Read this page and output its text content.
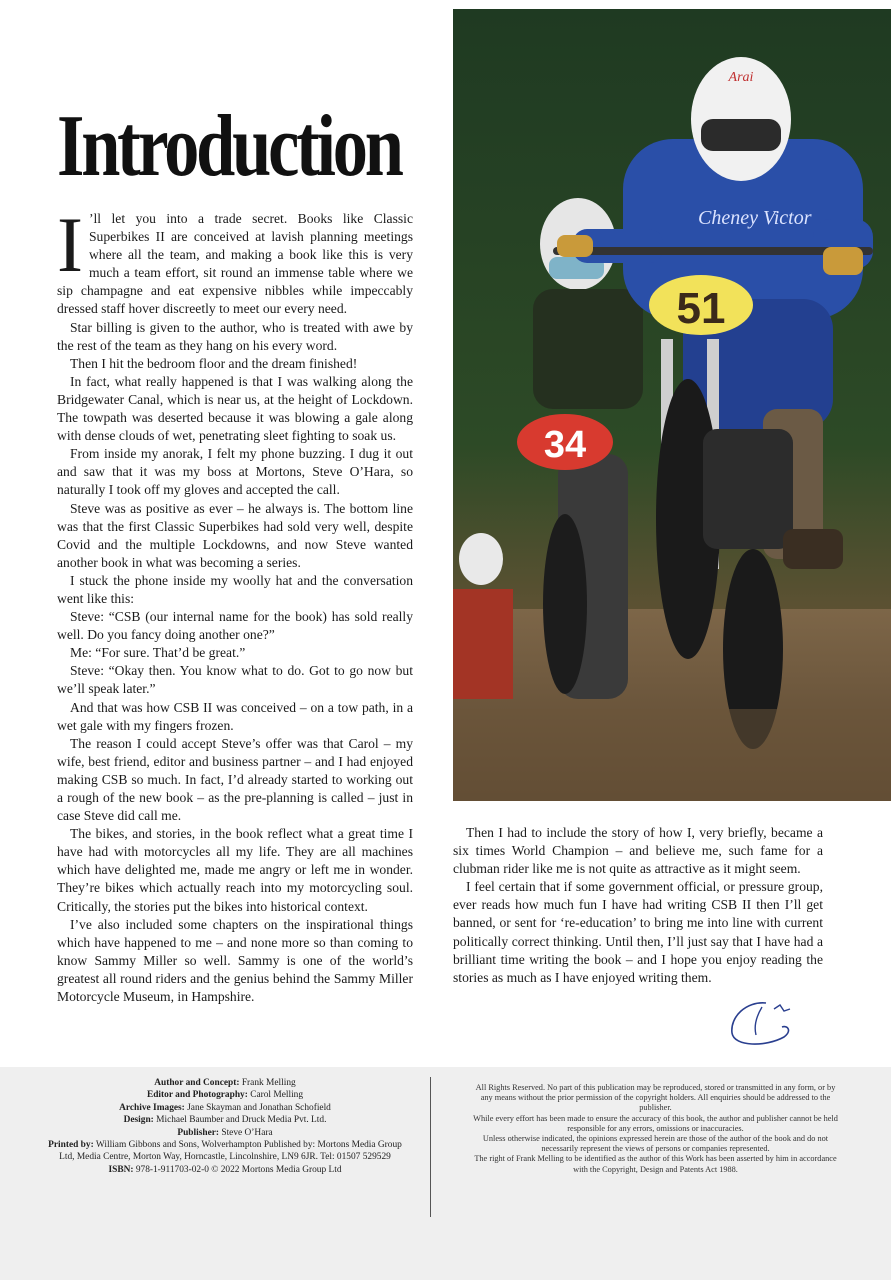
34
Cheney Victor
Arai
51
Introduction

I ’ll let you into a trade secret. Books like Classic Superbikes II are conceived at lavish planning meetings where all the team, and making a book like this is very much a team effort, sit round an immense table where we sip champagne and eat expensive nibbles while impeccably dressed staff hover discreetly to meet our every need.

Star billing is given to the author, who is treated with awe by the rest of the team as they hang on his every word.

Then I hit the bedroom floor and the dream finished!

In fact, what really happened is that I was walking along the Bridgewater Canal, which is near us, at the height of Lockdown. The towpath was deserted because it was blowing a gale along with dense clouds of wet, penetrating sleet fighting to soak us.

From inside my anorak, I felt my phone buzzing. I dug it out and saw that it was my boss at Mortons, Steve O’Hara, so naturally I took off my gloves and accepted the call.

Steve was as positive as ever – he always is. The bottom line was that the first Classic Superbikes had sold very well, despite Covid and the multiple Lockdowns, and now Steve wanted another book in what was becoming a series.

I stuck the phone inside my woolly hat and the conversation went like this:

Steve: “CSB (our internal name for the book) has sold really well. Do you fancy doing another one?”

Me: “For sure. That’d be great.”

Steve: “Okay then. You know what to do. Got to go now but we’ll speak later.”

And that was how CSB II was conceived – on a tow path, in a wet gale with my fingers frozen.

The reason I could accept Steve’s offer was that Carol – my wife, best friend, editor and business partner – and I had enjoyed making CSB so much. In fact, I’d already started to working out a rough of the new book – as the pre-planning is called – just in case Steve did call me.

The bikes, and stories, in the book reflect what a great time I have had with motorcycles all my life. They are all machines which have delighted me, made me angry or left me in wonder. They’re bikes which actually reach into my motorcycling soul. Critically, the stories put the bikes into historical context.

I’ve also included some chapters on the inspirational things which have happened to me – and none more so than coming to know Sammy Miller so well. Sammy is one of the world’s greatest all round riders and the genius behind the Sammy Miller Motorcycle Museum, in Hampshire.

Then I had to include the story of how I, very briefly, became a six times World Champion – and believe me, such fame for a clubman rider like me is not quite as attractive as it might seem.

I feel certain that if some government official, or pressure group, ever reads how much fun I have had writing CSB II then I’ll get banned, or sent for ‘re-education’ to bring me into line with current politically correct thinking. Until then, I’ll just say that I have had a brilliant time writing the book – and I hope you enjoy reading the stories as much as I have enjoyed writing them.

Author and Concept: Frank Melling
Editor and Photography: Carol Melling
Archive Images: Jane Skayman and Jonathan Schofield
Design: Michael Baumber and Druck Media Pvt. Ltd.
Publisher: Steve O’Hara
Printed by: William Gibbons and Sons, Wolverhampton Published by: Mortons Media Group Ltd, Media Centre, Morton Way, Horncastle, Lincolnshire, LN9 6JR. Tel: 01507 529529
ISBN: 978-1-911703-02-0 © 2022 Mortons Media Group Ltd
All Rights Reserved. No part of this publication may be reproduced, stored or transmitted in any form, or by any means without the prior permission of the copyright holders. All enquiries should be addressed to the publisher.
While every effort has been made to ensure the accuracy of this book, the author and publisher cannot be held responsible for any errors, omissions or inaccuracies.
Unless otherwise indicated, the opinions expressed herein are those of the author of the book and do not necessarily represent the views of persons or companies represented.
The right of Frank Melling to be identified as the author of this Work has been asserted by him in accordance with the Copyright, Design and Patents Act 1988.
